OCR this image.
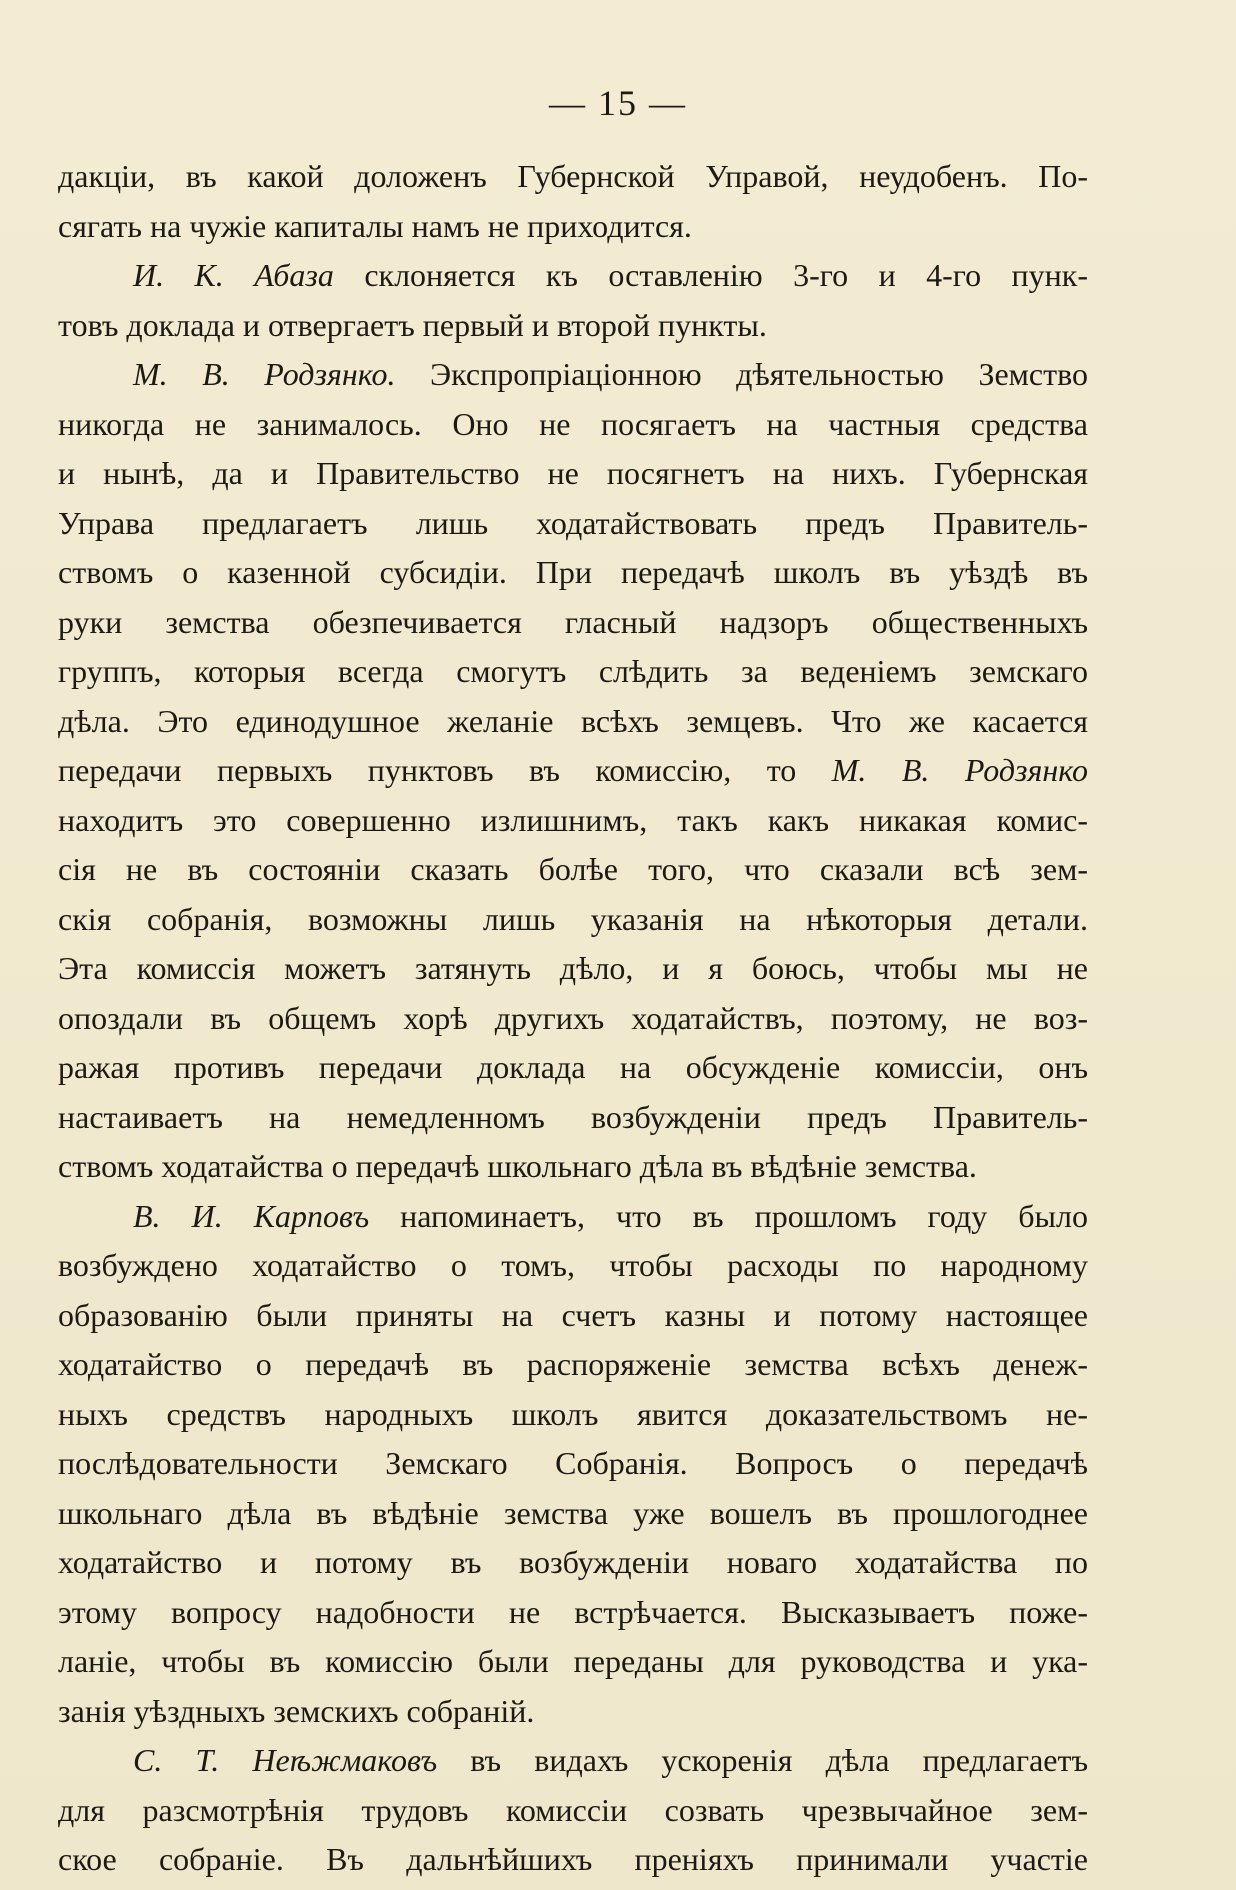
— 15 —
дакціи, въ какой доложенъ Губернской Управой, неудобенъ. По-
сягать на чужіе капиталы намъ не приходится.
И. К. Абаза склоняется къ оставленію 3-го и 4-го пунк-
товъ доклада и отвергаетъ первый и второй пункты.
М. В. Родзянко. Экспропріаціонною дѣятельностью Земство
никогда не занималось. Оно не посягаетъ на частныя средства
и нынѣ, да и Правительство не посягнетъ на нихъ. Губернская
Управа предлагаетъ лишь ходатайствовать предъ Правитель-
ствомъ о казенной субсидіи. При передачѣ школъ въ уѣздѣ въ
руки земства обезпечивается гласный надзоръ общественныхъ
группъ, которыя всегда смогутъ слѣдить за веденіемъ земскаго
дѣла. Это единодушное желаніе всѣхъ земцевъ. Что же касается
передачи первыхъ пунктовъ въ комиссію, то М. В. Родзянко
находитъ это совершенно излишнимъ, такъ какъ никакая комис-
сія не въ состояніи сказать болѣе того, что сказали всѣ зем-
скія собранія, возможны лишь указанія на нѣкоторыя детали.
Эта комиссія можетъ затянуть дѣло, и я боюсь, чтобы мы не
опоздали въ общемъ хорѣ другихъ ходатайствъ, поэтому, не воз-
ражая противъ передачи доклада на обсужденіе комиссіи, онъ
настаиваетъ на немедленномъ возбужденіи предъ Правитель-
ствомъ ходатайства о передачѣ школьнаго дѣла въ вѣдѣніе земства.
В. И. Карповъ напоминаетъ, что въ прошломъ году было
возбуждено ходатайство о томъ, чтобы расходы по народному
образованію были приняты на счетъ казны и потому настоящее
ходатайство о передачѣ въ распоряженіе земства всѣхъ денеж-
ныхъ средствъ народныхъ школъ явится доказательствомъ не-
послѣдовательности Земскаго Собранія. Вопросъ о передачѣ
школьнаго дѣла въ вѣдѣніе земства уже вошелъ въ прошлогоднее
ходатайство и потому въ возбужденіи новаго ходатайства по
этому вопросу надобности не встрѣчается. Высказываетъ поже-
ланіе, чтобы въ комиссію были переданы для руководства и ука-
занія уѣздныхъ земскихъ собраній.
С. Т. Неѣжмаковъ въ видахъ ускоренія дѣла предлагаетъ
для разсмотрѣнія трудовъ комиссіи созвать чрезвычайное зем-
ское собраніе. Въ дальнѣйшихъ преніяхъ принимали участіе
